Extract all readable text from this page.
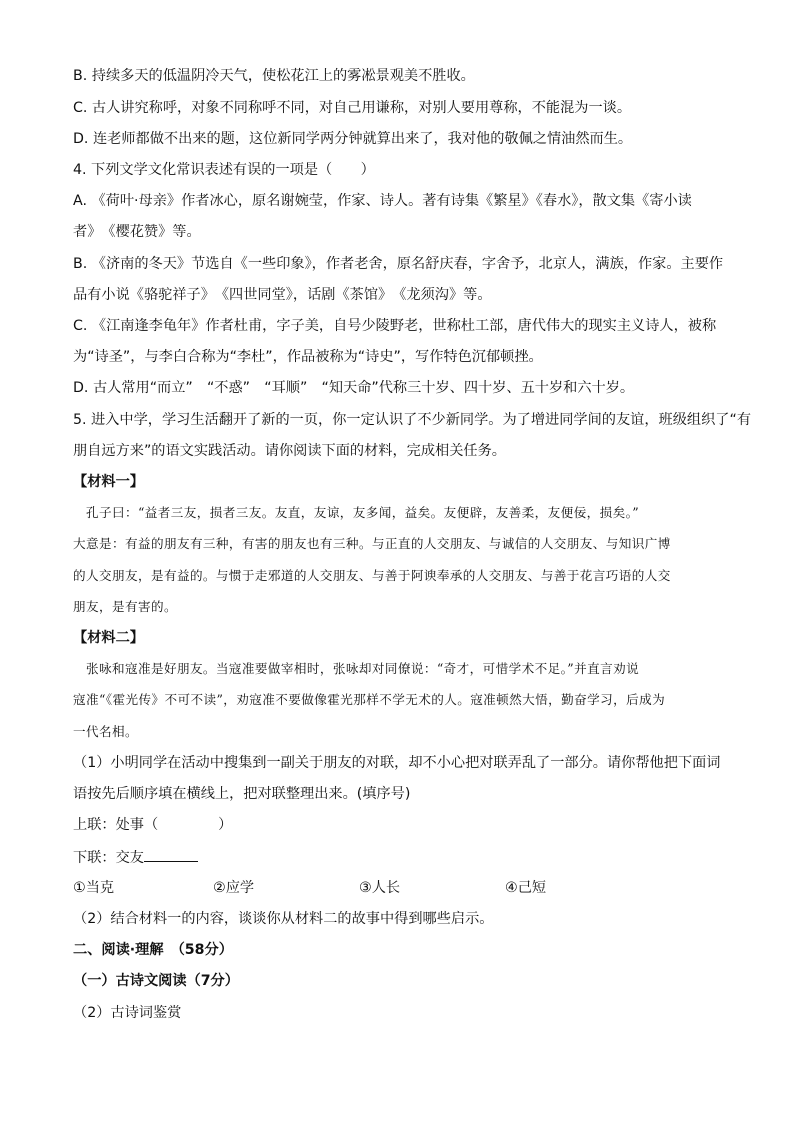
B. 持续多天的低温阴冷天气，使松花江上的雾凇景观美不胜收。
C. 古人讲究称呼，对象不同称呼不同，对自己用谦称，对别人要用尊称，不能混为一谈。
D. 连老师都做不出来的题，这位新同学两分钟就算出来了，我对他的敬佩之情油然而生。
4. 下列文学文化常识表述有误的一项是（　　）
A. 《荷叶·母亲》作者冰心，原名谢婉莹，作家、诗人。著有诗集《繁星》《春水》，散文集《寄小读
者》　《樱花赞》等。
B. 《济南的冬天》节选自《一些印象》，作者老舍，原名舒庆春，字舍予，北京人，满族，作家。主要作
品有小说《骆驼祥子》　《四世同堂》，话剧《茶馆》　《龙须沟》等。
C. 《江南逢李龟年》作者杜甫，字子美，自号少陵野老，世称杜工部，唐代伟大的现实主义诗人，被称
为“诗圣”，与李白合称为“李杜”，作品被称为“诗史”，写作特色沉郁顿挫。
D. 古人常用“而立”　“不惑”　“耳顺”　“知天命”代称三十岁、四十岁、五十岁和六十岁。
5. 进入中学，学习生活翻开了新的一页，你一定认识了不少新同学。为了增进同学间的友谊，班级组织了“有
朋自远方来”的语文实践活动。请你阅读下面的材料，完成相关任务。
【材料一】
　孔子曰：“益者三友，损者三友。友直，友谅，友多闻，益矣。友便辟，友善柔，友便佞，损矣。”
大意是：有益的朋友有三种，有害的朋友也有三种。与正直的人交朋友、与诚信的人交朋友、与知识广博
的人交朋友，是有益的。与惯于走邪道的人交朋友、与善于阿谀奉承的人交朋友、与善于花言巧语的人交
朋友，是有害的。
【材料二】
　张咏和寇准是好朋友。当寇准要做宰相时，张咏却对同僚说：“奇才，可惜学术不足。”并直言劝说
寇准“《霍光传》不可不读”，劝寇准不要做像霍光那样不学无术的人。寇准顿然大悟，勤奋学习，后成为
一代名相。
（1）小明同学在活动中搜集到一副关于朋友的对联，却不小心把对联弄乱了一部分。请你帮他把下面词
语按先后顺序填在横线上，把对联整理出来。(填序号)
上联：处事（	）
下联：交友
①当克	②应学	③人长	④己短
（2）结合材料一的内容，谈谈你从材料二的故事中得到哪些启示。
二、阅读·理解　（58分）
（一）古诗文阅读（7分）
（2）古诗词鉴赏
